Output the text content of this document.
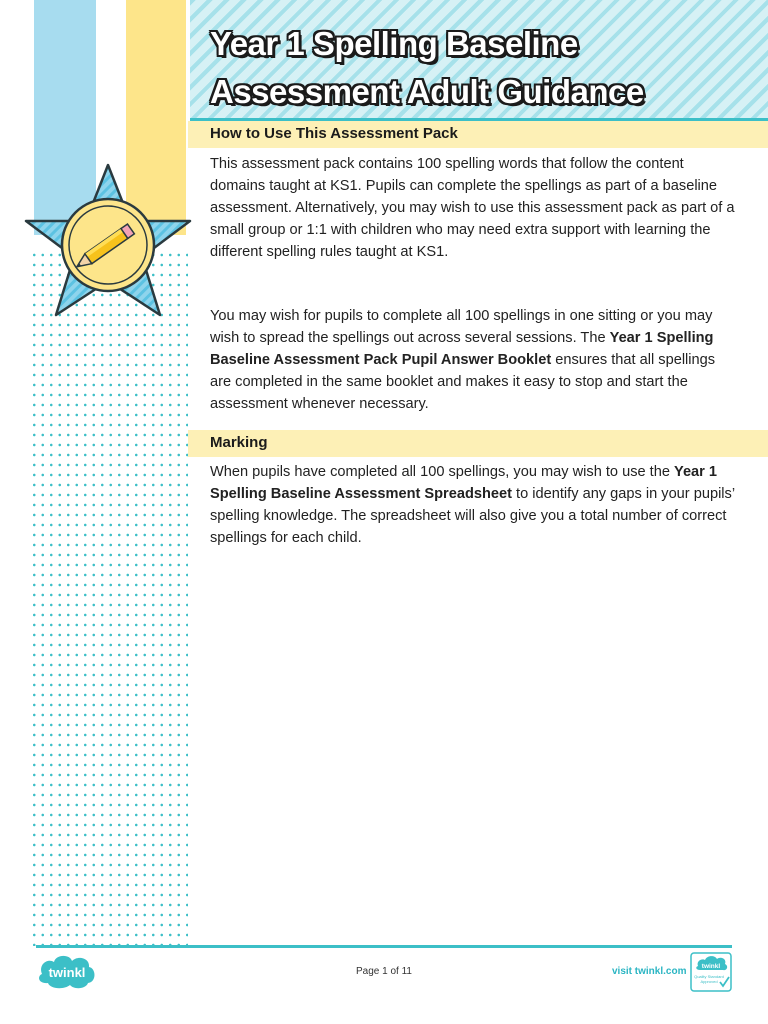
Year 1 Spelling Baseline
Assessment Adult Guidance
How to Use This Assessment Pack

This assessment pack contains 100 spelling words that follow the content domains taught at KS1. Pupils can complete the spellings as part of a baseline assessment. Alternatively, you may wish to use this assessment pack as part of a small group or 1:1 with children who may need extra support with learning the different spelling rules taught at KS1.

You may wish for pupils to complete all 100 spellings in one sitting or you may wish to spread the spellings out across several sessions. The Year 1 Spelling Baseline Assessment Pack Pupil Answer Booklet ensures that all spellings are completed in the same booklet and makes it easy to stop and start the assessment whenever necessary.

Marking

When pupils have completed all 100 spellings, you may wish to use the Year 1 Spelling Baseline Assessment Spreadsheet to identify any gaps in your pupils’ spelling knowledge. The spreadsheet will also give you a total number of correct spellings for each child.

twinkl	Page 1 of 11	visit twinkl.com twinkl
Quality Standard
Approved
